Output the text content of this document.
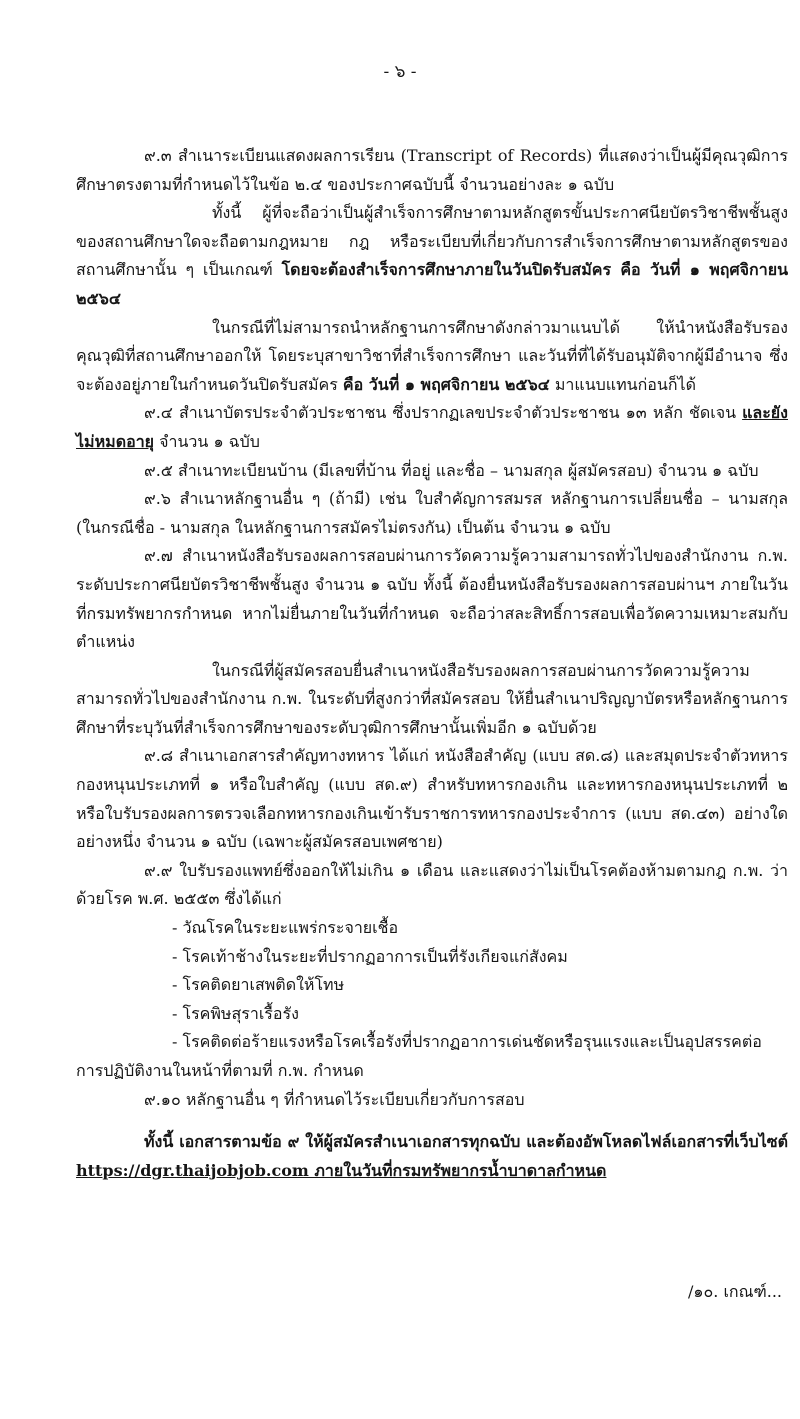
- ๖ -

๙.๓ สำเนาระเบียนแสดงผลการเรียน (Transcript of Records) ที่แสดงว่าเป็นผู้มีคุณวุฒิการศึกษาตรงตามที่กำหนดไว้ในข้อ ๒.๔ ของประกาศฉบับนี้ จำนวนอย่างละ ๑ ฉบับ

ทั้งนี้ ผู้ที่จะถือว่าเป็นผู้สำเร็จการศึกษาตามหลักสูตรขั้นประกาศนียบัตรวิชาชีพชั้นสูงของสถานศึกษาใดจะถือตามกฎหมาย กฎ หรือระเบียบที่เกี่ยวกับการสำเร็จการศึกษาตามหลักสูตรของสถานศึกษานั้น ๆ เป็นเกณฑ์ โดยจะต้องสำเร็จการศึกษาภายในวันปิดรับสมัคร คือ วันที่ ๑ พฤศจิกายน ๒๕๖๔

ในกรณีที่ไม่สามารถนำหลักฐานการศึกษาดังกล่าวมาแนบได้ ให้นำหนังสือรับรองคุณวุฒิที่สถานศึกษาออกให้ โดยระบุสาขาวิชาที่สำเร็จการศึกษา และวันที่ที่ได้รับอนุมัติจากผู้มีอำนาจ ซึ่งจะต้องอยู่ภายในกำหนดวันปิดรับสมัคร คือ วันที่ ๑ พฤศจิกายน ๒๕๖๔ มาแนบแทนก่อนก็ได้

๙.๔ สำเนาบัตรประจำตัวประชาชน ซึ่งปรากฏเลขประจำตัวประชาชน ๑๓ หลัก ชัดเจน และยังไม่หมดอายุ จำนวน ๑ ฉบับ

๙.๕ สำเนาทะเบียนบ้าน (มีเลขที่บ้าน ที่อยู่ และชื่อ – นามสกุล ผู้สมัครสอบ) จำนวน ๑ ฉบับ

๙.๖ สำเนาหลักฐานอื่น ๆ (ถ้ามี) เช่น ใบสำคัญการสมรส หลักฐานการเปลี่ยนชื่อ – นามสกุล (ในกรณีชื่อ - นามสกุล ในหลักฐานการสมัครไม่ตรงกัน) เป็นต้น จำนวน ๑ ฉบับ

๙.๗ สำเนาหนังสือรับรองผลการสอบผ่านการวัดความรู้ความสามารถทั่วไปของสำนักงาน ก.พ. ระดับประกาศนียบัตรวิชาชีพชั้นสูง จำนวน ๑ ฉบับ ทั้งนี้ ต้องยื่นหนังสือรับรองผลการสอบผ่านฯ ภายในวันที่กรมทรัพยากรกำหนด หากไม่ยื่นภายในวันที่กำหนด จะถือว่าสละสิทธิ์การสอบเพื่อวัดความเหมาะสมกับตำแหน่ง

ในกรณีที่ผู้สมัครสอบยื่นสำเนาหนังสือรับรองผลการสอบผ่านการวัดความรู้ความสามารถทั่วไปของสำนักงาน ก.พ. ในระดับที่สูงกว่าที่สมัครสอบ ให้ยื่นสำเนาปริญญาบัตรหรือหลักฐานการศึกษาที่ระบุวันที่สำเร็จการศึกษาของระดับวุฒิการศึกษานั้นเพิ่มอีก ๑ ฉบับด้วย

๙.๘ สำเนาเอกสารสำคัญทางทหาร ได้แก่ หนังสือสำคัญ (แบบ สด.๘) และสมุดประจำตัวทหารกองหนุนประเภทที่ ๑ หรือใบสำคัญ (แบบ สด.๙) สำหรับทหารกองเกิน และทหารกองหนุนประเภทที่ ๒ หรือใบรับรองผลการตรวจเลือกทหารกองเกินเข้ารับราชการทหารกองประจำการ (แบบ สด.๔๓) อย่างใดอย่างหนึ่ง จำนวน ๑ ฉบับ (เฉพาะผู้สมัครสอบเพศชาย)

๙.๙ ใบรับรองแพทย์ซึ่งออกให้ไม่เกิน ๑ เดือน และแสดงว่าไม่เป็นโรคต้องห้ามตามกฎ ก.พ. ว่าด้วยโรค พ.ศ. ๒๕๕๓ ซึ่งได้แก่

- วัณโรคในระยะแพร่กระจายเชื้อ

- โรคเท้าช้างในระยะที่ปรากฏอาการเป็นที่รังเกียจแก่สังคม

- โรคติดยาเสพติดให้โทษ

- โรคพิษสุราเรื้อรัง

- โรคติดต่อร้ายแรงหรือโรคเรื้อรังที่ปรากฏอาการเด่นชัดหรือรุนแรงและเป็นอุปสรรคต่อ

การปฏิบัติงานในหน้าที่ตามที่ ก.พ. กำหนด

๙.๑๐ หลักฐานอื่น ๆ ที่กำหนดไว้ระเบียบเกี่ยวกับการสอบ

ทั้งนี้ เอกสารตามข้อ ๙ ให้ผู้สมัครสำเนาเอกสารทุกฉบับ และต้องอัพโหลดไฟล์เอกสารที่เว็บไซต์ https://dgr.thaijobjob.com ภายในวันที่กรมทรัพยากรน้ำบาดาลกำหนด

/๑๐. เกณฑ์...
